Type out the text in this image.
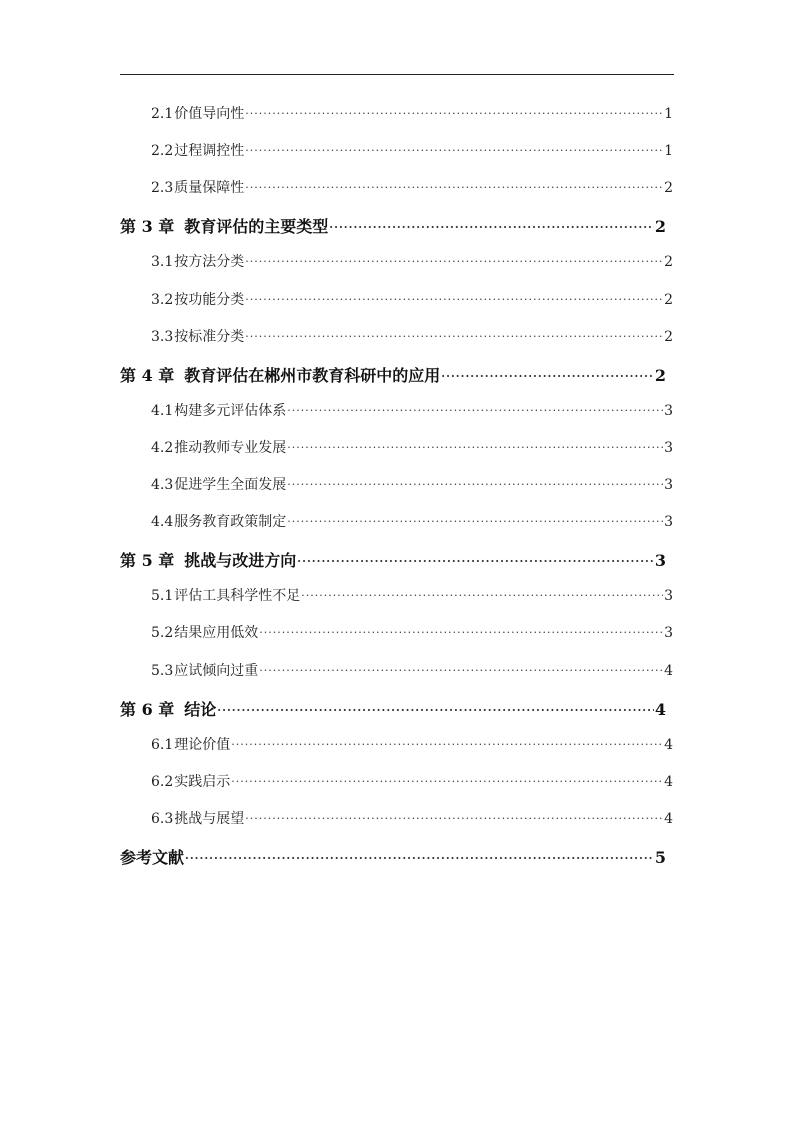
2.1 价值导向性 ·····	1
2.2 过程调控性 ·····	1
2.3 质量保障性 ·····	2
第 3 章 教育评估的主要类型 ·····	2
3.1 按方法分类 ·····	2
3.2 按功能分类 ·····	2
3.3 按标准分类 ·····	2
第 4 章 教育评估在郴州市教育科研中的应用 ·····	2
4.1 构建多元评估体系 ·····	3
4.2 推动教师专业发展 ·····	3
4.3 促进学生全面发展 ·····	3
4.4 服务教育政策制定 ·····	3
第 5 章 挑战与改进方向 ·····	3
5.1 评估工具科学性不足 ·····	3
5.2 结果应用低效 ·····	3
5.3 应试倾向过重 ·····	4
第 6 章 结论 ·····	4
6.1 理论价值 ·····	4
6.2 实践启示 ·····	4
6.3 挑战与展望 ·····	4
参考文献 ·····	5
